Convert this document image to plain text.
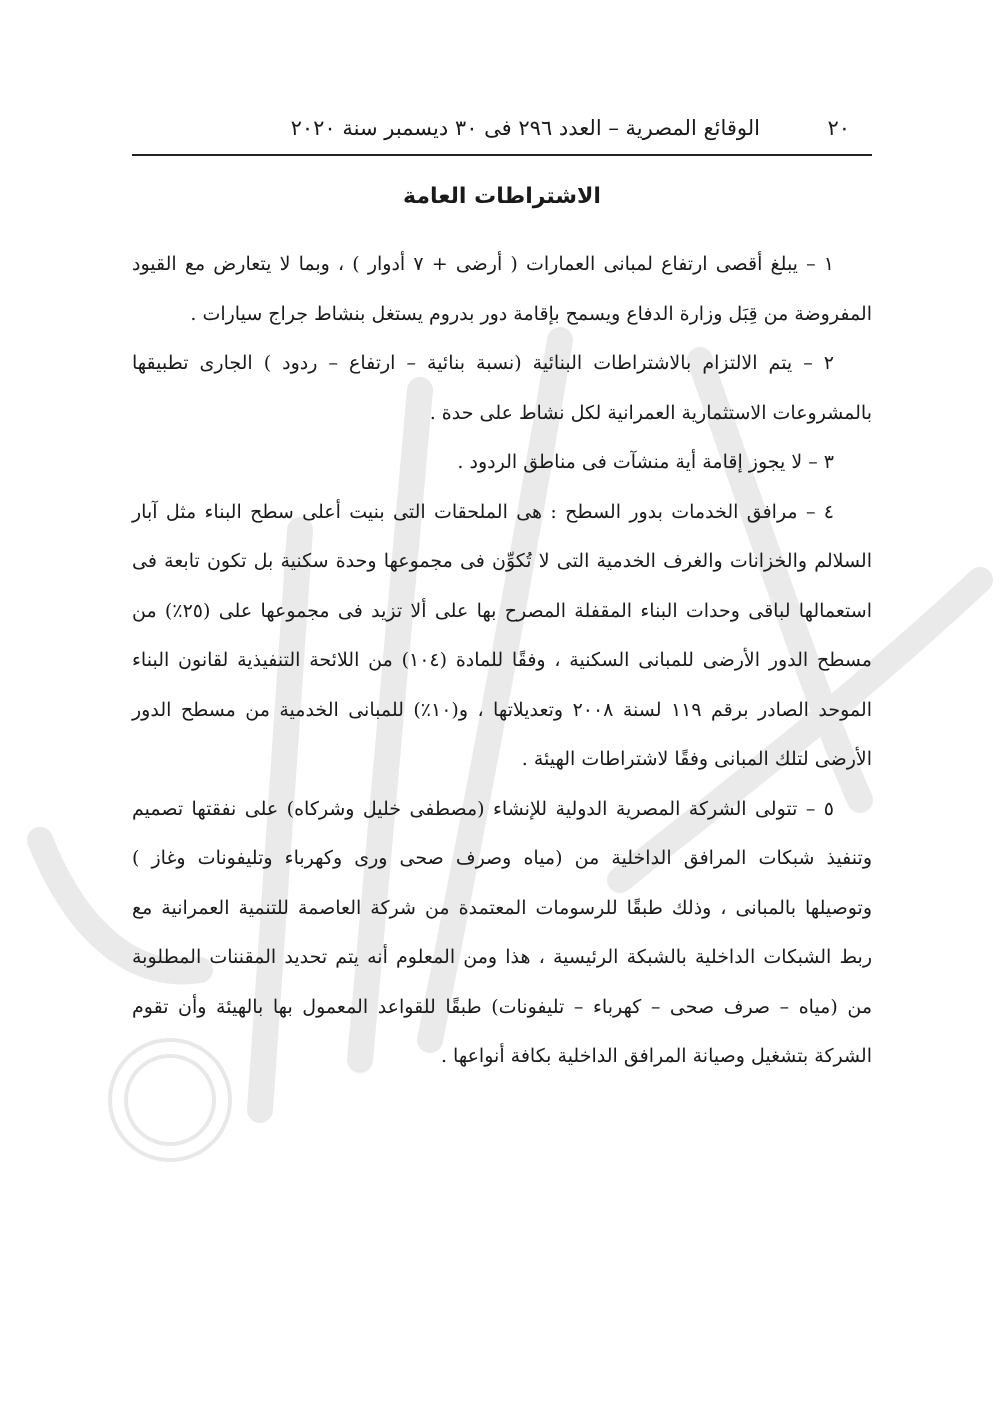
٢٠
الوقائع المصرية – العدد ٢٩٦ فى ٣٠ ديسمبر سنة ٢٠٢٠
الاشتراطات العامة

١ – يبلغ أقصى ارتفاع لمبانى العمارات ( أرضى + ٧ أدوار ) ، وبما لا يتعارض مع القيود المفروضة من قِبَل وزارة الدفاع ويسمح بإقامة دور بدروم يستغل بنشاط جراج سيارات .

٢ – يتم الالتزام بالاشتراطات البنائية (نسبة بنائية – ارتفاع – ردود ) الجارى تطبيقها بالمشروعات الاستثمارية العمرانية لكل نشاط على حدة .

٣ – لا يجوز إقامة أية منشآت فى مناطق الردود .

٤ – مرافق الخدمات بدور السطح : هى الملحقات التى بنيت أعلى سطح البناء مثل آبار السلالم والخزانات والغرف الخدمية التى لا تُكوِّن فى مجموعها وحدة سكنية بل تكون تابعة فى استعمالها لباقى وحدات البناء المقفلة المصرح بها على ألا تزيد فى مجموعها على (٢٥٪) من مسطح الدور الأرضى للمبانى السكنية ، وفقًا للمادة (١٠٤) من اللائحة التنفيذية لقانون البناء الموحد الصادر برقم ١١٩ لسنة ٢٠٠٨ وتعديلاتها ، و(١٠٪) للمبانى الخدمية من مسطح الدور الأرضى لتلك المبانى وفقًا لاشتراطات الهيئة .

٥ – تتولى الشركة المصرية الدولية للإنشاء (مصطفى خليل وشركاه) على نفقتها تصميم وتنفيذ شبكات المرافق الداخلية من (مياه وصرف صحى ورى وكهرباء وتليفونات وغاز ) وتوصيلها بالمبانى ، وذلك طبقًا للرسومات المعتمدة من شركة العاصمة للتنمية العمرانية مع ربط الشبكات الداخلية بالشبكة الرئيسية ، هذا ومن المعلوم أنه يتم تحديد المقننات المطلوبة من (مياه – صرف صحى – كهرباء – تليفونات) طبقًا للقواعد المعمول بها بالهيئة وأن تقوم الشركة بتشغيل وصيانة المرافق الداخلية بكافة أنواعها .
